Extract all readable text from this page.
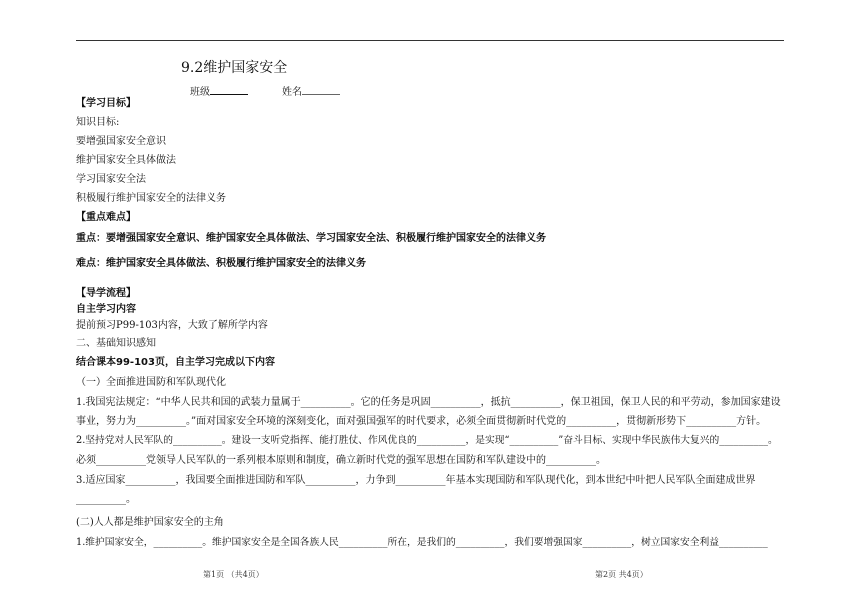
9.2维护国家安全
班级	姓名
【学习目标】
知识目标:
要增强国家安全意识
维护国家安全具体做法
学习国家安全法
积极履行维护国家安全的法律义务
【重点难点】
重点：要增强国家安全意识、维护国家安全具体做法、学习国家安全法、积极履行维护国家安全的法律义务
难点：维护国家安全具体做法、积极履行维护国家安全的法律义务
【导学流程】
自主学习内容
提前预习P99-103内容，大致了解所学内容
二、基础知识感知
结合课本99-103页，自主学习完成以下内容
（一）全面推进国防和军队现代化
1.我国宪法规定：“中华人民共和国的武装力量属于__________。它的任务是巩固__________，抵抗__________，保卫祖国，保卫人民的和平劳动，参加国家建设
事业，努力为__________。”面对国家安全环境的深刻变化，面对强国强军的时代要求，必须全面贯彻新时代党的__________，贯彻新形势下__________方针。
2.坚持党对人民军队的__________。建设一支听党指挥、能打胜仗、作风优良的__________，是实现“__________”奋斗目标、实现中华民族伟大复兴的__________。
必须__________党领导人民军队的一系列根本原则和制度，确立新时代党的强军思想在国防和军队建设中的__________。
3.适应国家__________，我国要全面推进国防和军队__________，力争到__________年基本实现国防和军队现代化，到本世纪中叶把人民军队全面建成世界
__________。
(二)人人都是维护国家安全的主角
1.维护国家安全，__________。维护国家安全是全国各族人民__________所在，是我们的__________，我们要增强国家__________，树立国家安全利益__________
第1页 （共4页）	第2页 共4页）
